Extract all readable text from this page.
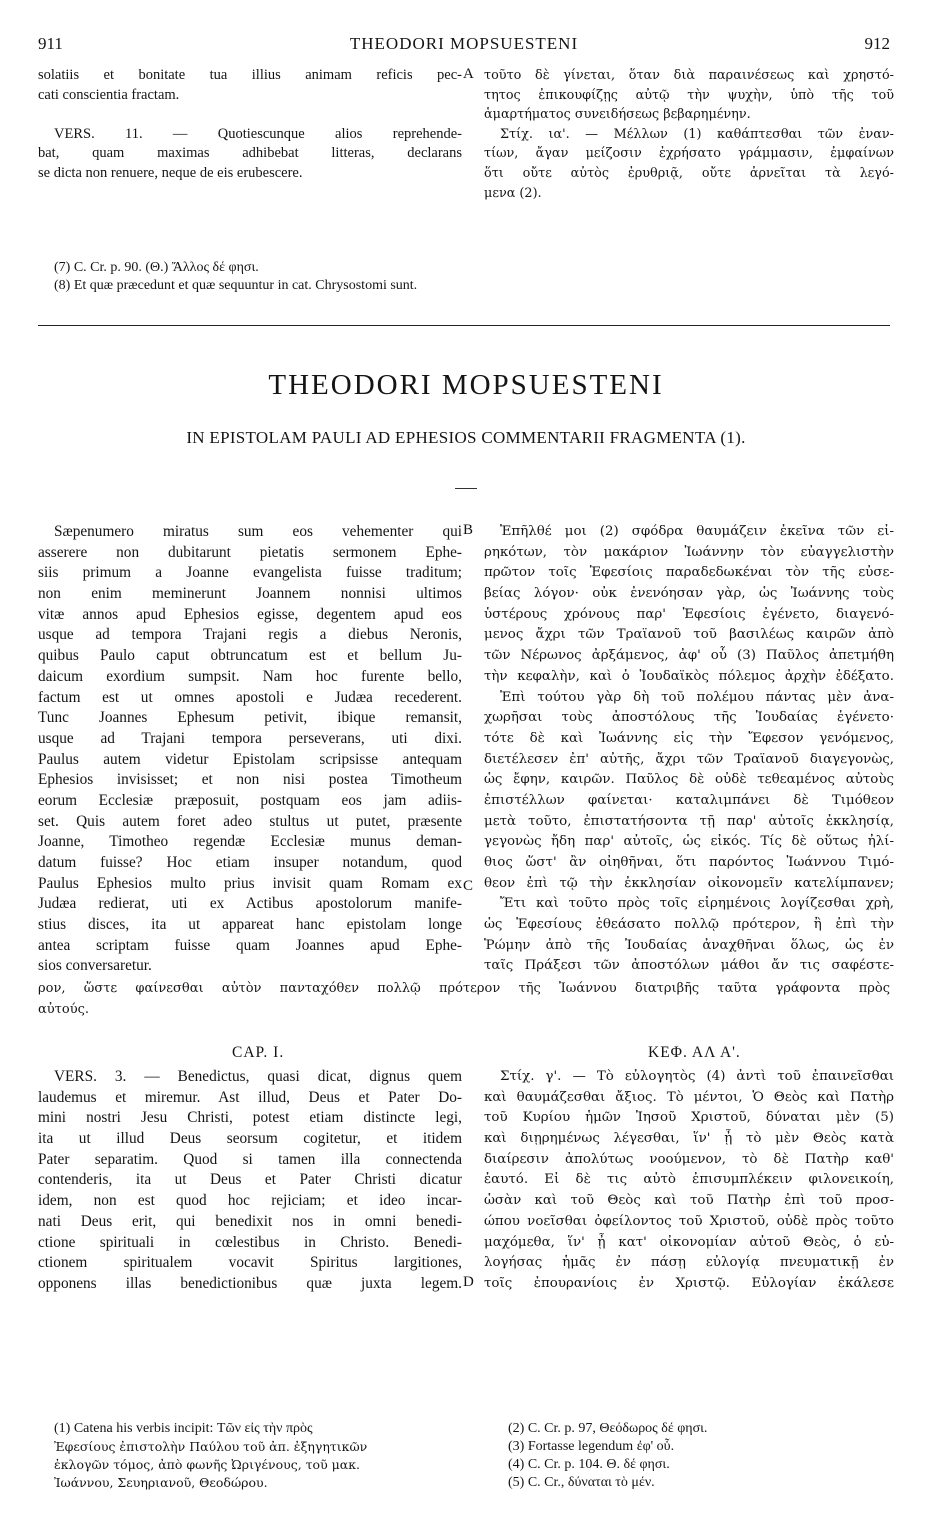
911	THEODORI MOPSUESTENI	912
solatiis et bonitate tua illius animam reficis pec-
cati conscientia fractam.
VERS. 11. — Quotiescunque alios reprehende-
bat, quam maximas adhibebat litteras, declarans
se dicta non renuere, neque de eis erubescere.
A τοῦτο δὲ γίνεται, ὅταν διὰ παραινέσεως καὶ χρηστό-
τητος ἐπικουφίζῃς αὐτῷ τὴν ψυχὴν, ὑπὸ τῆς τοῦ
ἁμαρτήματος συνειδήσεως βεβαρημένην.
Στίχ. ια'. — Μέλλων (1) καθάπτεσθαι τῶν ἐναν-
τίων, ἄγαν μείζοσιν ἐχρήσατο γράμμασιν, ἐμφαίνων
ὅτι οὔτε αὐτὸς ἐρυθριᾷ, οὔτε ἀρνεῖται τὰ λεγό-
μενα (2).
(7) C. Cr. p. 90. (Θ.) Ἄλλος δέ φησι.
(8) Et quæ præcedunt et quæ sequuntur in cat. Chrysostomi sunt.
THEODORI MOPSUESTENI
IN EPISTOLAM PAULI AD EPHESIOS COMMENTARII FRAGMENTA (1).
Sæpenumero miratus sum eos vehementer qui
asserere non dubitarunt pietatis sermonem Ephe-
siis primum a Joanne evangelista fuisse traditum;
non enim meminerunt Joannem nonnisi ultimos
vitæ annos apud Ephesios egisse, degentem apud eos
usque ad tempora Trajani regis a diebus Neronis,
quibus Paulo caput obtruncatum est et bellum Ju-
daicum exordium sumpsit. Nam hoc furente bello,
factum est ut omnes apostoli e Judæa recederent.
Tunc Joannes Ephesum petivit, ibique remansit,
usque ad Trajani tempora perseverans, uti dixi.
Paulus autem videtur Epistolam scripsisse antequam
Ephesios invisisset; et non nisi postea Timotheum
eorum Ecclesiæ præposuit, postquam eos jam adiis-
set. Quis autem foret adeo stultus ut putet, præsente
Joanne, Timotheo regendæ Ecclesiæ munus deman-
datum fuisse? Hoc etiam insuper notandum, quod
Paulus Ephesios multo prius invisit quam Romam ex
Judæa redierat, uti ex Actibus apostolorum manife-
stius disces, ita ut appareat hanc epistolam longe
antea scriptam fuisse quam Joannes apud Ephe-
sios conversaretur.
B
C
Ἐπῆλθέ μοι (2) σφόδρα θαυμάζειν ἐκεῖνα τῶν εἰ-
ρηκότων, τὸν μακάριον Ἰωάννην τὸν εὐαγγελιστὴν
πρῶτον τοῖς Ἐφεσίοις παραδεδωκέναι τὸν τῆς εὐσε-
βείας λόγον· οὐκ ἐνενόησαν γὰρ, ὡς Ἰωάννης τοὺς
ὑστέρους χρόνους παρ' Ἐφεσίοις ἐγένετο, διαγενό-
μενος ἄχρι τῶν Τραϊανοῦ τοῦ βασιλέως καιρῶν ἀπὸ
τῶν Νέρωνος ἀρξάμενος, ἀφ' οὗ (3) Παῦλος ἀπετμήθη
τὴν κεφαλὴν, καὶ ὁ Ἰουδαϊκὸς πόλεμος ἀρχὴν ἐδέξατο.
Ἐπὶ τούτου γὰρ δὴ τοῦ πολέμου πάντας μὲν ἀνα-
χωρῆσαι τοὺς ἀποστόλους τῆς Ἰουδαίας ἐγένετο·
τότε δὲ καὶ Ἰωάννης εἰς τὴν Ἔφεσον γενόμενος,
διετέλεσεν ἐπ' αὐτῆς, ἄχρι τῶν Τραϊανοῦ διαγεγονὼς,
ὡς ἔφην, καιρῶν. Παῦλος δὲ οὐδὲ τεθεαμένος αὐτοὺς
ἐπιστέλλων φαίνεται· καταλιμπάνει δὲ Τιμόθεον
μετὰ τοῦτο, ἐπιστατήσοντα τῇ παρ' αὐτοῖς ἐκκλησίᾳ,
γεγονὼς ἤδη παρ' αὐτοῖς, ὡς εἰκός. Τίς δὲ οὕτως ἠλί-
θιος ὥστ' ἂν οἰηθῆναι, ὅτι παρόντος Ἰωάννου Τιμό-
θεον ἐπὶ τῷ τὴν ἐκκλησίαν οἰκονομεῖν κατελίμπανεν;
Ἔτι καὶ τοῦτο πρὸς τοῖς εἰρημένοις λογίζεσθαι χρὴ,
ὡς Ἐφεσίους ἐθεάσατο πολλῷ πρότερον, ἢ ἐπὶ τὴν
Ῥώμην ἀπὸ τῆς Ἰουδαίας ἀναχθῆναι ὅλως, ὡς ἐν
ταῖς Πράξεσι τῶν ἀποστόλων μάθοι ἄν τις σαφέστε-
ρον, ὥστε φαίνεσθαι αὐτὸν πανταχόθεν πολλῷ πρότερον τῆς Ἰωάννου διατριβῆς ταῦτα γράφοντα πρὸς
αὐτούς.
CAP. I.	ΚΕΦ. ΑΛ Α'.
VERS. 3. — Benedictus, quasi dicat, dignus quem
laudemus et miremur. Ast illud, Deus et Pater Do-
mini nostri Jesu Christi, potest etiam distincte legi,
ita ut illud Deus seorsum cogitetur, et itidem
Pater separatim. Quod si tamen illa connectenda
contenderis, ita ut Deus et Pater Christi dicatur
idem, non est quod hoc rejiciam; et ideo incar-
nati Deus erit, qui benedixit nos in omni benedi-
ctione spirituali in cœlestibus in Christo. Benedi-
ctionem spiritualem vocavit Spiritus largitiones,
opponens illas benedictionibus quæ juxta legem. D
Στίχ. γ'. — Τὸ εὐλογητὸς (4) ἀντὶ τοῦ ἐπαινεῖσθαι
καὶ θαυμάζεσθαι ἄξιος. Τὸ μέντοι, Ὁ Θεὸς καὶ Πατὴρ
τοῦ Κυρίου ἡμῶν Ἰησοῦ Χριστοῦ, δύναται μὲν (5)
καὶ διῃρημένως λέγεσθαι, ἵν' ᾖ τὸ μὲν Θεὸς κατὰ
διαίρεσιν ἀπολύτως νοούμενον, τὸ δὲ Πατὴρ καθ'
ἑαυτό. Εἰ δὲ τις αὐτὸ ἐπισυμπλέκειν φιλονεικοίη,
ὡσὰν καὶ τοῦ Θεὸς καὶ τοῦ Πατὴρ ἐπὶ τοῦ προσ-
ώπου νοεῖσθαι ὀφείλοντος τοῦ Χριστοῦ, οὐδὲ πρὸς τοῦτο
μαχόμεθα, ἵν' ᾖ κατ' οἰκονομίαν αὐτοῦ Θεὸς, ὁ εὐ-
λογήσας ἡμᾶς ἐν πάσῃ εὐλογίᾳ πνευματικῇ ἐν
τοῖς ἐπουρανίοις ἐν Χριστῷ. Εὐλογίαν ἐκάλεσε
(1) Catena his verbis incipit: Τῶν εἰς τὴν πρὸς
Ἐφεσίους ἐπιστολὴν Παύλου τοῦ ἀπ. ἐξηγητικῶν
ἐκλογῶν τόμος, ἀπὸ φωνῆς Ὠριγένους, τοῦ μακ.
Ἰωάννου, Σευηριανοῦ, Θεοδώρου.
(2) C. Cr. p. 97, Θεόδωρος δέ φησι.
(3) Fortasse legendum ἐφ' οὗ.
(4) C. Cr. p. 104. Θ. δέ φησι.
(5) C. Cr., δύναται τὸ μέν.
